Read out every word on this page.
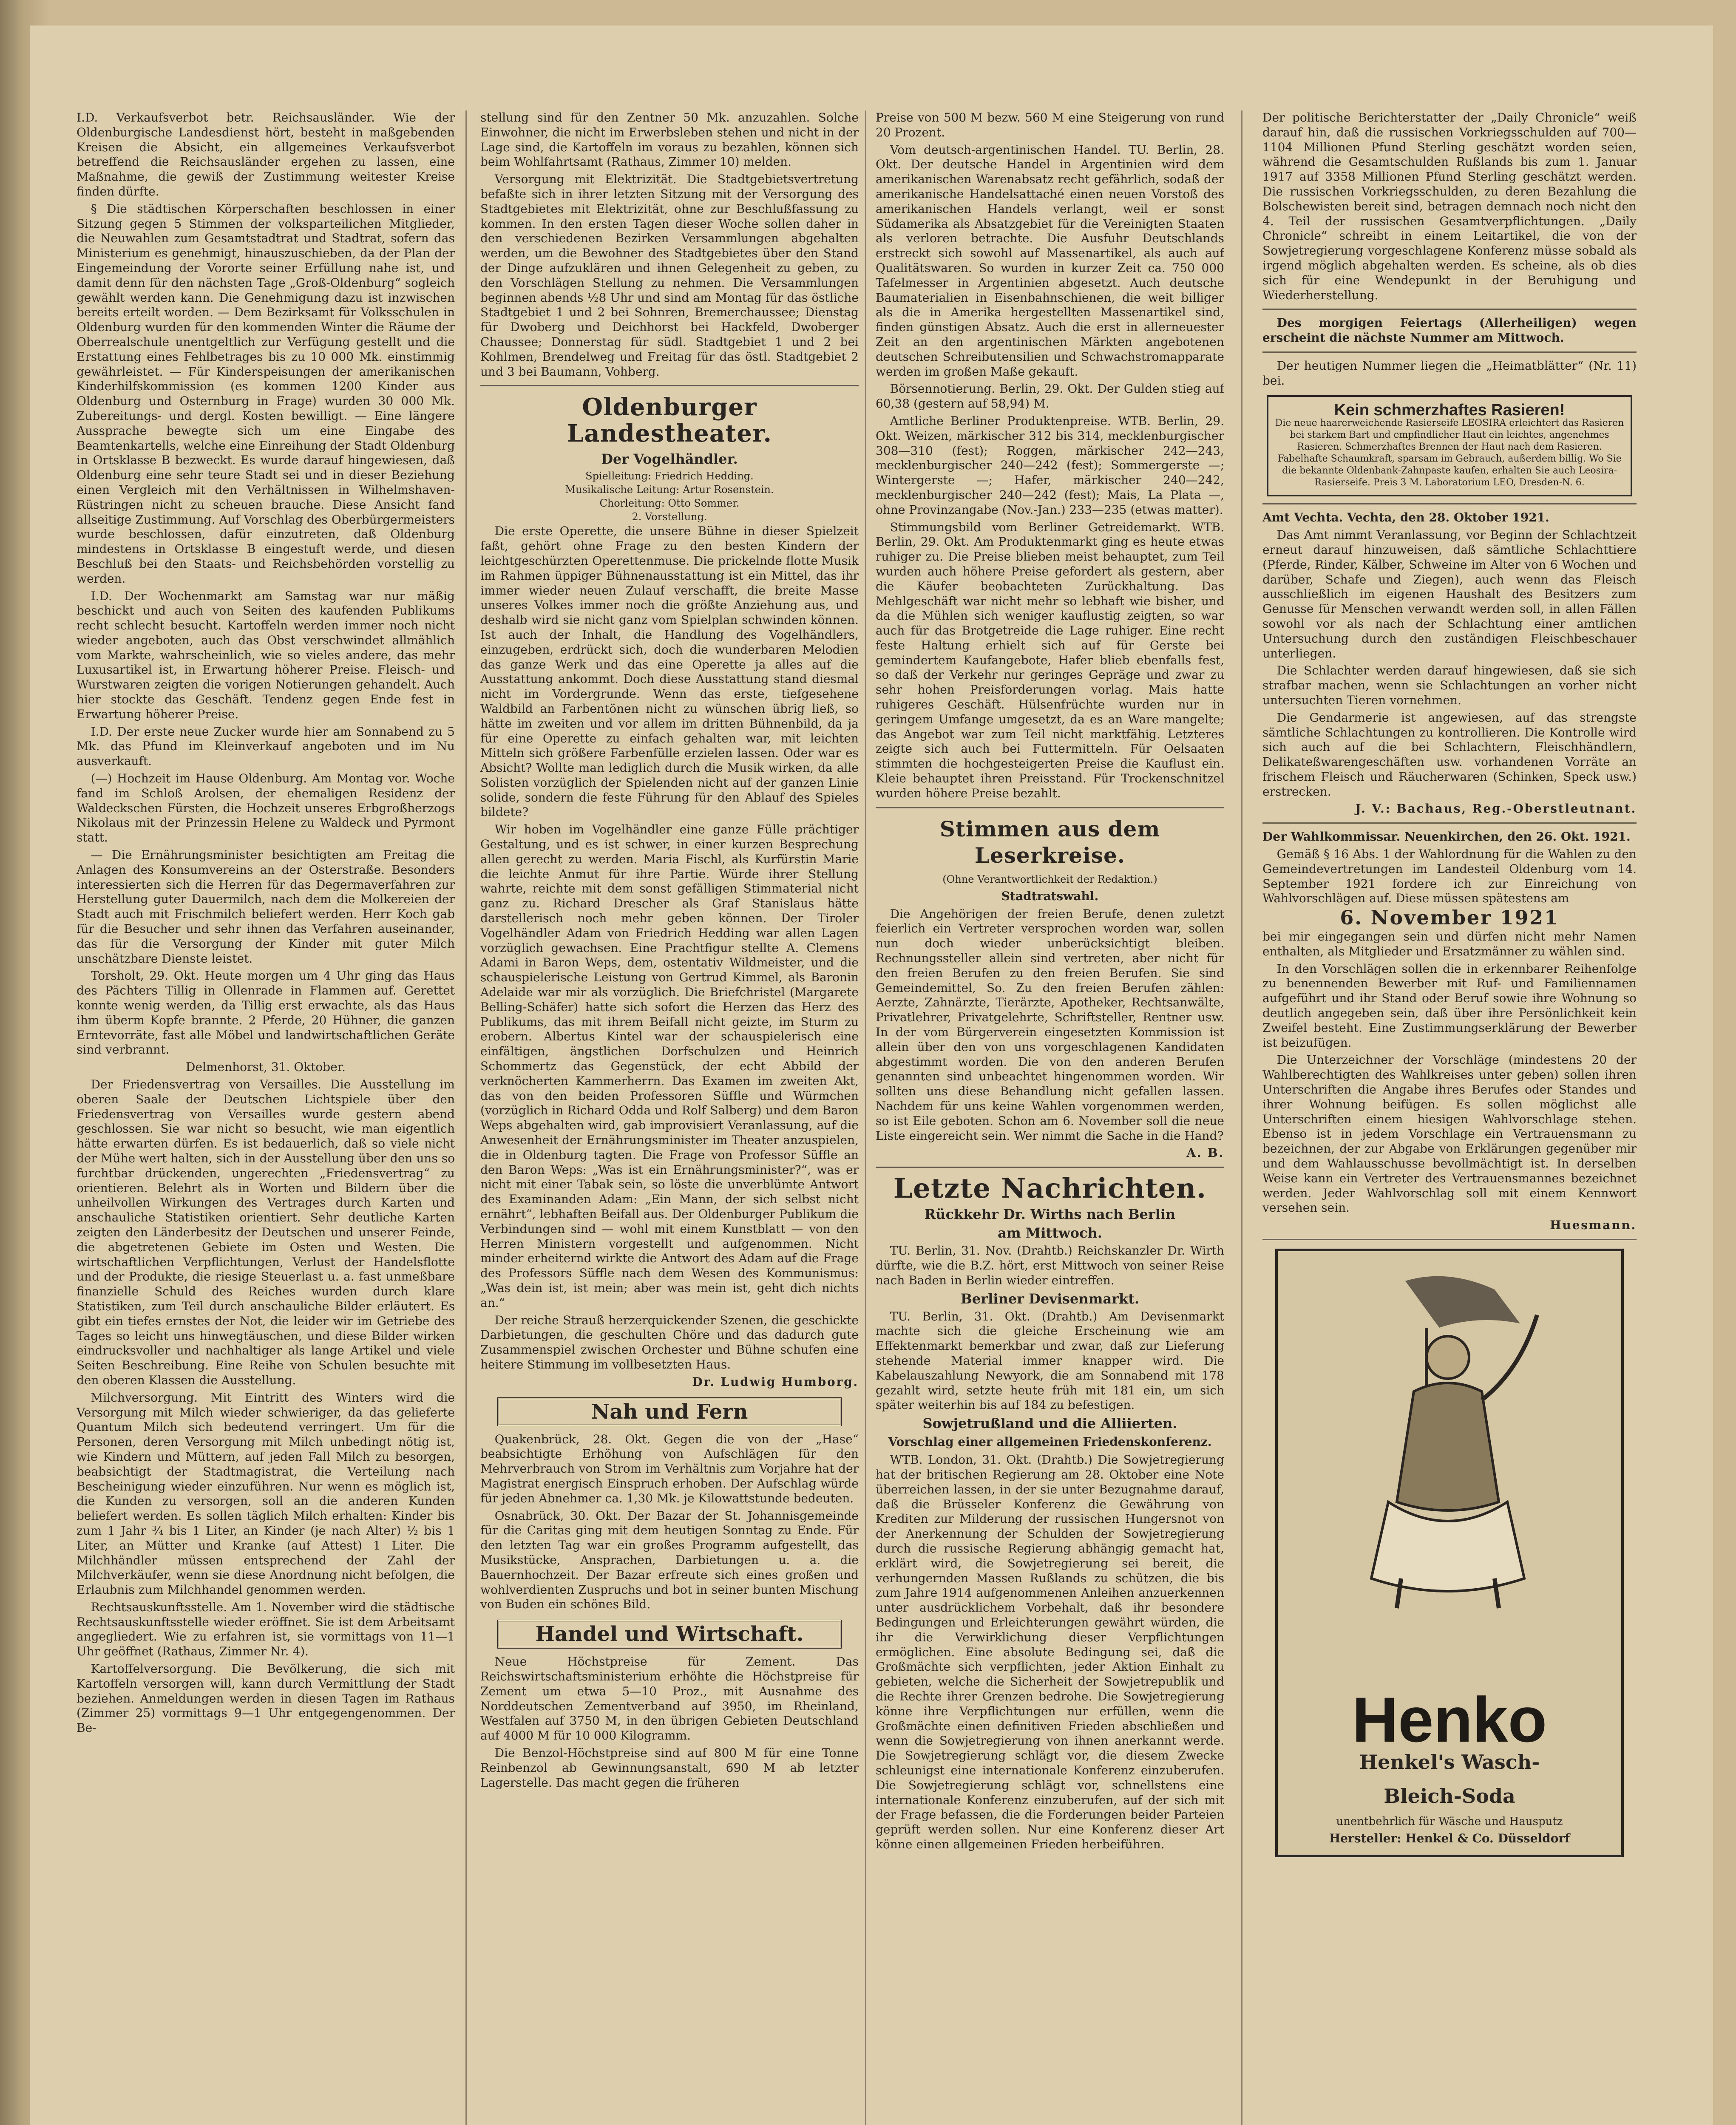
I.D. Verkaufsverbot betr. Reichsausländer. Wie der Oldenburgische Landesdienst hört, besteht in maßgebenden Kreisen die Absicht, ein allgemeines Verkaufsverbot betreffend die Reichsausländer ergehen zu lassen, eine Maßnahme, die gewiß der Zustimmung weitester Kreise finden dürfte.

§ Die städtischen Körperschaften beschlossen in einer Sitzung gegen 5 Stimmen der volksparteilichen Mitglieder, die Neuwahlen zum Gesamtstadtrat und Stadtrat, sofern das Ministerium es genehmigt, hinauszuschieben, da der Plan der Eingemeindung der Vororte seiner Erfüllung nahe ist, und damit denn für den nächsten Tage „Groß-Oldenburg“ sogleich gewählt werden kann. Die Genehmigung dazu ist inzwischen bereits erteilt worden. — Dem Bezirksamt für Volksschulen in Oldenburg wurden für den kommenden Winter die Räume der Oberrealschule unentgeltlich zur Verfügung gestellt und die Erstattung eines Fehlbetrages bis zu 10 000 Mk. einstimmig gewährleistet. — Für Kinderspeisungen der amerikanischen Kinderhilfskommission (es kommen 1200 Kinder aus Oldenburg und Osternburg in Frage) wurden 30 000 Mk. Zubereitungs- und dergl. Kosten bewilligt. — Eine längere Aussprache bewegte sich um eine Eingabe des Beamtenkartells, welche eine Einreihung der Stadt Oldenburg in Ortsklasse B bezweckt. Es wurde darauf hingewiesen, daß Oldenburg eine sehr teure Stadt sei und in dieser Beziehung einen Vergleich mit den Verhältnissen in Wilhelmshaven-Rüstringen nicht zu scheuen brauche. Diese Ansicht fand allseitige Zustimmung. Auf Vorschlag des Oberbürgermeisters wurde beschlossen, dafür einzutreten, daß Oldenburg mindestens in Ortsklasse B eingestuft werde, und diesen Beschluß bei den Staats- und Reichsbehörden vorstellig zu werden.

I.D. Der Wochenmarkt am Samstag war nur mäßig beschickt und auch von Seiten des kaufenden Publikums recht schlecht besucht. Kartoffeln werden immer noch nicht wieder angeboten, auch das Obst verschwindet allmählich vom Markte, wahrscheinlich, wie so vieles andere, das mehr Luxusartikel ist, in Erwartung höherer Preise. Fleisch- und Wurstwaren zeigten die vorigen Notierungen gehandelt. Auch hier stockte das Geschäft. Tendenz gegen Ende fest in Erwartung höherer Preise.

I.D. Der erste neue Zucker wurde hier am Sonnabend zu 5 Mk. das Pfund im Kleinverkauf angeboten und im Nu ausverkauft.

(—) Hochzeit im Hause Oldenburg. Am Montag vor. Woche fand im Schloß Arolsen, der ehemaligen Residenz der Waldeckschen Fürsten, die Hochzeit unseres Erbgroßherzogs Nikolaus mit der Prinzessin Helene zu Waldeck und Pyrmont statt.

— Die Ernährungsminister besichtigten am Freitag die Anlagen des Konsumvereins an der Osterstraße. Besonders interessierten sich die Herren für das Degermaverfahren zur Herstellung guter Dauermilch, nach dem die Molkereien der Stadt auch mit Frischmilch beliefert werden. Herr Koch gab für die Besucher und sehr ihnen das Verfahren auseinander, das für die Versorgung der Kinder mit guter Milch unschätzbare Dienste leistet.

Torsholt, 29. Okt. Heute morgen um 4 Uhr ging das Haus des Pächters Tillig in Ollenrade in Flammen auf. Gerettet konnte wenig werden, da Tillig erst erwachte, als das Haus ihm überm Kopfe brannte. 2 Pferde, 20 Hühner, die ganzen Erntevorräte, fast alle Möbel und landwirtschaftlichen Geräte sind verbrannt.

Delmenhorst, 31. Oktober.

Der Friedensvertrag von Versailles. Die Ausstellung im oberen Saale der Deutschen Lichtspiele über den Friedensvertrag von Versailles wurde gestern abend geschlossen. Sie war nicht so besucht, wie man eigentlich hätte erwarten dürfen. Es ist bedauerlich, daß so viele nicht der Mühe wert halten, sich in der Ausstellung über den uns so furchtbar drückenden, ungerechten „Friedensvertrag“ zu orientieren. Belehrt als in Worten und Bildern über die unheilvollen Wirkungen des Vertrages durch Karten und anschauliche Statistiken orientiert. Sehr deutliche Karten zeigten den Länderbesitz der Deutschen und unserer Feinde, die abgetretenen Gebiete im Osten und Westen. Die wirtschaftlichen Verpflichtungen, Verlust der Handelsflotte und der Produkte, die riesige Steuerlast u. a. fast unmeßbare finanzielle Schuld des Reiches wurden durch klare Statistiken, zum Teil durch anschauliche Bilder erläutert. Es gibt ein tiefes ernstes der Not, die leider wir im Getriebe des Tages so leicht uns hinwegtäuschen, und diese Bilder wirken eindrucksvoller und nachhaltiger als lange Artikel und viele Seiten Beschreibung. Eine Reihe von Schulen besuchte mit den oberen Klassen die Ausstellung.

Milchversorgung. Mit Eintritt des Winters wird die Versorgung mit Milch wieder schwieriger, da das gelieferte Quantum Milch sich bedeutend verringert. Um für die Personen, deren Versorgung mit Milch unbedingt nötig ist, wie Kindern und Müttern, auf jeden Fall Milch zu besorgen, beabsichtigt der Stadtmagistrat, die Verteilung nach Bescheinigung wieder einzuführen. Nur wenn es möglich ist, die Kunden zu versorgen, soll an die anderen Kunden beliefert werden. Es sollen täglich Milch erhalten: Kinder bis zum 1 Jahr ¾ bis 1 Liter, an Kinder (je nach Alter) ½ bis 1 Liter, an Mütter und Kranke (auf Attest) 1 Liter. Die Milchhändler müssen entsprechend der Zahl der Milchverkäufer, wenn sie diese Anordnung nicht befolgen, die Erlaubnis zum Milchhandel genommen werden.

Rechtsauskunftsstelle. Am 1. November wird die städtische Rechtsauskunftsstelle wieder eröffnet. Sie ist dem Arbeitsamt angegliedert. Wie zu erfahren ist, sie vormittags von 11—1 Uhr geöffnet (Rathaus, Zimmer Nr. 4).

Kartoffelversorgung. Die Bevölkerung, die sich mit Kartoffeln versorgen will, kann durch Vermittlung der Stadt beziehen. Anmeldungen werden in diesen Tagen im Rathaus (Zimmer 25) vormittags 9—1 Uhr entgegengenommen. Der Be-

stellung sind für den Zentner 50 Mk. anzuzahlen. Solche Einwohner, die nicht im Erwerbsleben stehen und nicht in der Lage sind, die Kartoffeln im voraus zu bezahlen, können sich beim Wohlfahrtsamt (Rathaus, Zimmer 10) melden.

Versorgung mit Elektrizität. Die Stadtgebietsvertretung befaßte sich in ihrer letzten Sitzung mit der Versorgung des Stadtgebietes mit Elektrizität, ohne zur Beschlußfassung zu kommen. In den ersten Tagen dieser Woche sollen daher in den verschiedenen Bezirken Versammlungen abgehalten werden, um die Bewohner des Stadtgebietes über den Stand der Dinge aufzuklären und ihnen Gelegenheit zu geben, zu den Vorschlägen Stellung zu nehmen. Die Versammlungen beginnen abends ½8 Uhr und sind am Montag für das östliche Stadtgebiet 1 und 2 bei Sohnren, Bremerchaussee; Dienstag für Dwoberg und Deichhorst bei Hackfeld, Dwoberger Chaussee; Donnerstag für südl. Stadtgebiet 1 und 2 bei Kohlmen, Brendelweg und Freitag für das östl. Stadtgebiet 2 und 3 bei Baumann, Vohberg.

Oldenburger Landestheater.
Der Vogelhändler.
Spielleitung: Friedrich Hedding.
Musikalische Leitung: Artur Rosenstein.
Chorleitung: Otto Sommer.
2. Vorstellung.

Die erste Operette, die unsere Bühne in dieser Spielzeit faßt, gehört ohne Frage zu den besten Kindern der leichtgeschürzten Operettenmuse. Die prickelnde flotte Musik im Rahmen üppiger Bühnenausstattung ist ein Mittel, das ihr immer wieder neuen Zulauf verschafft, die breite Masse unseres Volkes immer noch die größte Anziehung aus, und deshalb wird sie nicht ganz vom Spielplan schwinden können. Ist auch der Inhalt, die Handlung des Vogelhändlers, einzugeben, erdrückt sich, doch die wunderbaren Melodien das ganze Werk und das eine Operette ja alles auf die Ausstattung ankommt. Doch diese Ausstattung stand diesmal nicht im Vordergrunde. Wenn das erste, tiefgesehene Waldbild an Farbentönen nicht zu wünschen übrig ließ, so hätte im zweiten und vor allem im dritten Bühnenbild, da ja für eine Operette zu einfach gehalten war, mit leichten Mitteln sich größere Farbenfülle erzielen lassen. Oder war es Absicht? Wollte man lediglich durch die Musik wirken, da alle Solisten vorzüglich der Spielenden nicht auf der ganzen Linie solide, sondern die feste Führung für den Ablauf des Spieles bildete?

Wir hoben im Vogelhändler eine ganze Fülle prächtiger Gestaltung, und es ist schwer, in einer kurzen Besprechung allen gerecht zu werden. Maria Fischl, als Kurfürstin Marie die leichte Anmut für ihre Partie. Würde ihrer Stellung wahrte, reichte mit dem sonst gefälligen Stimmaterial nicht ganz zu. Richard Drescher als Graf Stanislaus hätte darstellerisch noch mehr geben können. Der Tiroler Vogelhändler Adam von Friedrich Hedding war allen Lagen vorzüglich gewachsen. Eine Prachtfigur stellte A. Clemens Adami in Baron Weps, dem, ostentativ Wildmeister, und die schauspielerische Leistung von Gertrud Kimmel, als Baronin Adelaide war mir als vorzüglich. Die Briefchristel (Margarete Belling-Schäfer) hatte sich sofort die Herzen das Herz des Publikums, das mit ihrem Beifall nicht geizte, im Sturm zu erobern. Albertus Kintel war der schauspielerisch eine einfältigen, ängstlichen Dorfschulzen und Heinrich Schommertz das Gegenstück, der echt Abbild der verknöcherten Kammerherrn. Das Examen im zweiten Akt, das von den beiden Professoren Süffle und Würmchen (vorzüglich in Richard Odda und Rolf Salberg) und dem Baron Weps abgehalten wird, gab improvisiert Veranlassung, auf die Anwesenheit der Ernährungsminister im Theater anzuspielen, die in Oldenburg tagten. Die Frage von Professor Süffle an den Baron Weps: „Was ist ein Ernährungsminister?“, was er nicht mit einer Tabak sein, so löste die unverblümte Antwort des Examinanden Adam: „Ein Mann, der sich selbst nicht ernährt“, lebhaften Beifall aus. Der Oldenburger Publikum die Verbindungen sind — wohl mit einem Kunstblatt — von den Herren Ministern vorgestellt und aufgenommen. Nicht minder erheiternd wirkte die Antwort des Adam auf die Frage des Professors Süffle nach dem Wesen des Kommunismus: „Was dein ist, ist mein; aber was mein ist, geht dich nichts an.“

Der reiche Strauß herzerquickender Szenen, die geschickte Darbietungen, die geschulten Chöre und das dadurch gute Zusammenspiel zwischen Orchester und Bühne schufen eine heitere Stimmung im vollbesetzten Haus.

Dr. Ludwig Humborg.
Nah und Fern

Quakenbrück, 28. Okt. Gegen die von der „Hase“ beabsichtigte Erhöhung von Aufschlägen für den Mehrverbrauch von Strom im Verhältnis zum Vorjahre hat der Magistrat energisch Einspruch erhoben. Der Aufschlag würde für jeden Abnehmer ca. 1,30 Mk. je Kilowattstunde bedeuten.

Osnabrück, 30. Okt. Der Bazar der St. Johannisgemeinde für die Caritas ging mit dem heutigen Sonntag zu Ende. Für den letzten Tag war ein großes Programm aufgestellt, das Musikstücke, Ansprachen, Darbietungen u. a. die Bauernhochzeit. Der Bazar erfreute sich eines großen und wohlverdienten Zuspruchs und bot in seiner bunten Mischung von Buden ein schönes Bild.

Handel und Wirtschaft.

Neue Höchstpreise für Zement. Das Reichswirtschaftsministerium erhöhte die Höchstpreise für Zement um etwa 5—10 Proz., mit Ausnahme des Norddeutschen Zementverband auf 3950, im Rheinland, Westfalen auf 3750 M, in den übrigen Gebieten Deutschland auf 4000 M für 10 000 Kilogramm.

Die Benzol-Höchstpreise sind auf 800 M für eine Tonne Reinbenzol ab Gewinnungsanstalt, 690 M ab letzter Lagerstelle. Das macht gegen die früheren

Preise von 500 M bezw. 560 M eine Steigerung von rund 20 Prozent.

Vom deutsch-argentinischen Handel. TU. Berlin, 28. Okt. Der deutsche Handel in Argentinien wird dem amerikanischen Warenabsatz recht gefährlich, sodaß der amerikanische Handelsattaché einen neuen Vorstoß des amerikanischen Handels verlangt, weil er sonst Südamerika als Absatzgebiet für die Vereinigten Staaten als verloren betrachte. Die Ausfuhr Deutschlands erstreckt sich sowohl auf Massenartikel, als auch auf Qualitätswaren. So wurden in kurzer Zeit ca. 750 000 Tafelmesser in Argentinien abgesetzt. Auch deutsche Baumaterialien in Eisenbahnschienen, die weit billiger als die in Amerika hergestellten Massenartikel sind, finden günstigen Absatz. Auch die erst in allerneuester Zeit an den argentinischen Märkten angebotenen deutschen Schreibutensilien und Schwachstromapparate werden im großen Maße gekauft.

Börsennotierung. Berlin, 29. Okt. Der Gulden stieg auf 60,38 (gestern auf 58,94) M.

Amtliche Berliner Produktenpreise. WTB. Berlin, 29. Okt. Weizen, märkischer 312 bis 314, mecklenburgischer 308—310 (fest); Roggen, märkischer 242—243, mecklenburgischer 240—242 (fest); Sommergerste —; Wintergerste —; Hafer, märkischer 240—242, mecklenburgischer 240—242 (fest); Mais, La Plata —, ohne Provinzangabe (Nov.-Jan.) 233—235 (etwas matter).

Stimmungsbild vom Berliner Getreidemarkt. WTB. Berlin, 29. Okt. Am Produktenmarkt ging es heute etwas ruhiger zu. Die Preise blieben meist behauptet, zum Teil wurden auch höhere Preise gefordert als gestern, aber die Käufer beobachteten Zurückhaltung. Das Mehlgeschäft war nicht mehr so lebhaft wie bisher, und da die Mühlen sich weniger kauflustig zeigten, so war auch für das Brotgetreide die Lage ruhiger. Eine recht feste Haltung erhielt sich auf für Gerste bei gemindertem Kaufangebote, Hafer blieb ebenfalls fest, so daß der Verkehr nur geringes Gepräge und zwar zu sehr hohen Preisforderungen vorlag. Mais hatte ruhigeres Geschäft. Hülsenfrüchte wurden nur in geringem Umfange umgesetzt, da es an Ware mangelte; das Angebot war zum Teil nicht marktfähig. Letzteres zeigte sich auch bei Futtermitteln. Für Oelsaaten stimmten die hochgesteigerten Preise die Kauflust ein. Kleie behauptet ihren Preisstand. Für Trockenschnitzel wurden höhere Preise bezahlt.

Stimmen aus dem Leserkreise.
(Ohne Verantwortlichkeit der Redaktion.)
Stadtratswahl.

Die Angehörigen der freien Berufe, denen zuletzt feierlich ein Vertreter versprochen worden war, sollen nun doch wieder unberücksichtigt bleiben. Rechnungssteller allein sind vertreten, aber nicht für den freien Berufen zu den freien Berufen. Sie sind Gemeindemittel, So. Zu den freien Berufen zählen: Aerzte, Zahnärzte, Tierärzte, Apotheker, Rechtsanwälte, Privatlehrer, Privatgelehrte, Schriftsteller, Rentner usw. In der vom Bürgerverein eingesetzten Kommission ist allein über den von uns vorgeschlagenen Kandidaten abgestimmt worden. Die von den anderen Berufen genannten sind unbeachtet hingenommen worden. Wir sollten uns diese Behandlung nicht gefallen lassen. Nachdem für uns keine Wahlen vorgenommen werden, so ist Eile geboten. Schon am 6. November soll die neue Liste eingereicht sein. Wer nimmt die Sache in die Hand?

A. B.
Letzte Nachrichten.
Rückkehr Dr. Wirths nach Berlin
am Mittwoch.

TU. Berlin, 31. Nov. (Drahtb.) Reichskanzler Dr. Wirth dürfte, wie die B.Z. hört, erst Mittwoch von seiner Reise nach Baden in Berlin wieder eintreffen.

Berliner Devisenmarkt.

TU. Berlin, 31. Okt. (Drahtb.) Am Devisenmarkt machte sich die gleiche Erscheinung wie am Effektenmarkt bemerkbar und zwar, daß zur Lieferung stehende Material immer knapper wird. Die Kabelauszahlung Newyork, die am Sonnabend mit 178 gezahlt wird, setzte heute früh mit 181 ein, um sich später weiterhin bis auf 184 zu befestigen.

Sowjetrußland und die Alliierten.
Vorschlag einer allgemeinen Friedenskonferenz.

WTB. London, 31. Okt. (Drahtb.) Die Sowjetregierung hat der britischen Regierung am 28. Oktober eine Note überreichen lassen, in der sie unter Bezugnahme darauf, daß die Brüsseler Konferenz die Gewährung von Krediten zur Milderung der russischen Hungersnot von der Anerkennung der Schulden der Sowjetregierung durch die russische Regierung abhängig gemacht hat, erklärt wird, die Sowjetregierung sei bereit, die verhungernden Massen Rußlands zu schützen, die bis zum Jahre 1914 aufgenommenen Anleihen anzuerkennen unter ausdrücklichem Vorbehalt, daß ihr besondere Bedingungen und Erleichterungen gewährt würden, die ihr die Verwirklichung dieser Verpflichtungen ermöglichen. Eine absolute Bedingung sei, daß die Großmächte sich verpflichten, jeder Aktion Einhalt zu gebieten, welche die Sicherheit der Sowjetrepublik und die Rechte ihrer Grenzen bedrohe. Die Sowjetregierung könne ihre Verpflichtungen nur erfüllen, wenn die Großmächte einen definitiven Frieden abschließen und wenn die Sowjetregierung von ihnen anerkannt werde. Die Sowjetregierung schlägt vor, die diesem Zwecke schleunigst eine internationale Konferenz einzuberufen. Die Sowjetregierung schlägt vor, schnellstens eine internationale Konferenz einzuberufen, auf der sich mit der Frage befassen, die die Forderungen beider Parteien geprüft werden sollen. Nur eine Konferenz dieser Art könne einen allgemeinen Frieden herbeiführen.

Der politische Berichterstatter der „Daily Chronicle“ weiß darauf hin, daß die russischen Vorkriegsschulden auf 700—1104 Millionen Pfund Sterling geschätzt worden seien, während die Gesamtschulden Rußlands bis zum 1. Januar 1917 auf 3358 Millionen Pfund Sterling geschätzt werden. Die russischen Vorkriegsschulden, zu deren Bezahlung die Bolschewisten bereit sind, betragen demnach noch nicht den 4. Teil der russischen Gesamtverpflichtungen. „Daily Chronicle“ schreibt in einem Leitartikel, die von der Sowjetregierung vorgeschlagene Konferenz müsse sobald als irgend möglich abgehalten werden. Es scheine, als ob dies sich für eine Wendepunkt in der Beruhigung und Wiederherstellung.

Des morgigen Feiertags (Allerheiligen) wegen erscheint die nächste Nummer am Mittwoch.

Der heutigen Nummer liegen die „Heimatblätter“ (Nr. 11) bei.

Kein schmerzhaftes Rasieren!
Die neue haarerweichende Rasierseife LEOSIRA erleichtert das Rasieren bei starkem Bart und empfindlicher Haut ein leichtes, angenehmes Rasieren. Schmerzhaftes Brennen der Haut nach dem Rasieren. Fabelhafte Schaumkraft, sparsam im Gebrauch, außerdem billig. Wo Sie die bekannte Oldenbank-Zahnpaste kaufen, erhalten Sie auch Leosira-Rasierseife. Preis 3 M. Laboratorium LEO, Dresden-N. 6.

Amt Vechta. Vechta, den 28. Oktober 1921.

Das Amt nimmt Veranlassung, vor Beginn der Schlachtzeit erneut darauf hinzuweisen, daß sämtliche Schlachttiere (Pferde, Rinder, Kälber, Schweine im Alter von 6 Wochen und darüber, Schafe und Ziegen), auch wenn das Fleisch ausschließlich im eigenen Haushalt des Besitzers zum Genusse für Menschen verwandt werden soll, in allen Fällen sowohl vor als nach der Schlachtung einer amtlichen Untersuchung durch den zuständigen Fleischbeschauer unterliegen.

Die Schlachter werden darauf hingewiesen, daß sie sich strafbar machen, wenn sie Schlachtungen an vorher nicht untersuchten Tieren vornehmen.

Die Gendarmerie ist angewiesen, auf das strengste sämtliche Schlachtungen zu kontrollieren. Die Kontrolle wird sich auch auf die bei Schlachtern, Fleischhändlern, Delikateßwarengeschäften usw. vorhandenen Vorräte an frischem Fleisch und Räucherwaren (Schinken, Speck usw.) erstrecken.

J. V.: Bachaus, Reg.-Oberstleutnant.

Der Wahlkommissar. Neuenkirchen, den 26. Okt. 1921.

Gemäß § 16 Abs. 1 der Wahlordnung für die Wahlen zu den Gemeindevertretungen im Landesteil Oldenburg vom 14. September 1921 fordere ich zur Einreichung von Wahlvorschlägen auf. Diese müssen spätestens am

6. November 1921

bei mir eingegangen sein und dürfen nicht mehr Namen enthalten, als Mitglieder und Ersatzmänner zu wählen sind.

In den Vorschlägen sollen die in erkennbarer Reihenfolge zu benennenden Bewerber mit Ruf- und Familiennamen aufgeführt und ihr Stand oder Beruf sowie ihre Wohnung so deutlich angegeben sein, daß über ihre Persönlichkeit kein Zweifel besteht. Eine Zustimmungserklärung der Bewerber ist beizufügen.

Die Unterzeichner der Vorschläge (mindestens 20 der Wahlberechtigten des Wahlkreises unter geben) sollen ihren Unterschriften die Angabe ihres Berufes oder Standes und ihrer Wohnung beifügen. Es sollen möglichst alle Unterschriften einem hiesigen Wahlvorschlage stehen. Ebenso ist in jedem Vorschlage ein Vertrauensmann zu bezeichnen, der zur Abgabe von Erklärungen gegenüber mir und dem Wahlausschusse bevollmächtigt ist. In derselben Weise kann ein Vertreter des Vertrauensmannes bezeichnet werden. Jeder Wahlvorschlag soll mit einem Kennwort versehen sein.

Huesmann.
Henko
Henkel's Wasch-
Bleich-Soda
unentbehrlich für Wäsche und Hausputz
Hersteller: Henkel & Co. Düsseldorf
